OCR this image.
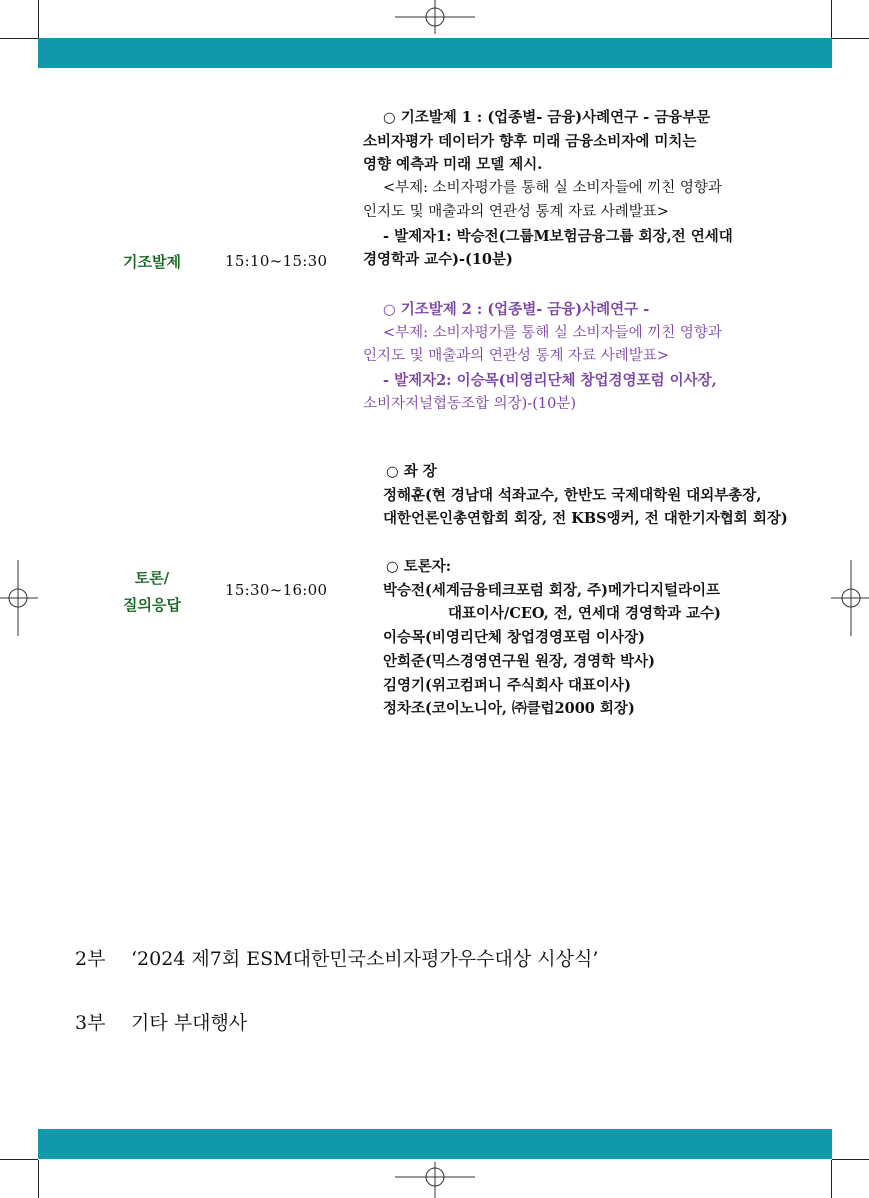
기조발제	15:10~15:30
○ 기조발제 1 : (업종별- 금융)사례연구 - 금융부문
소비자평가 데이터가 향후 미래 금융소비자에 미치는
영향 예측과 미래 모델 제시.
<부제: 소비자평가를 통해 실 소비자들에 끼친 영향과
인지도 및 매출과의 연관성 통계 자료 사례발표>
- 발제자1: 박승전(그룹M보험금융그룹 회장,전 연세대
경영학과 교수)-(10분)
○ 기조발제 2 : (업종별- 금융)사례연구 -
<부제: 소비자평가를 통해 실 소비자들에 끼친 영향과
인지도 및 매출과의 연관성 통계 자료 사례발표>
- 발제자2: 이승목(비영리단체 창업경영포럼 이사장,
소비자저널협동조합 의장)-(10분)
토론/
질의응답
15:30~16:00
○ 좌 장
정해훈(현 경남대 석좌교수, 한반도 국제대학원 대외부총장,
대한언론인총연합회 회장, 전 KBS앵커, 전 대한기자협회 회장)
○ 토론자:
박승전(세계금융테크포럼 회장, 주)메가디지털라이프
대표이사/CEO, 전, 연세대 경영학과 교수)
이승목(비영리단체 창업경영포럼 이사장)
안희준(믹스경영연구원 원장, 경영학 박사)
김영기(위고컴퍼니 주식회사 대표이사)
정차조(코이노니아, ㈜클럽2000 회장)
2부 ‘2024 제7회 ESM대한민국소비자평가우수대상 시상식’
3부 기타 부대행사
